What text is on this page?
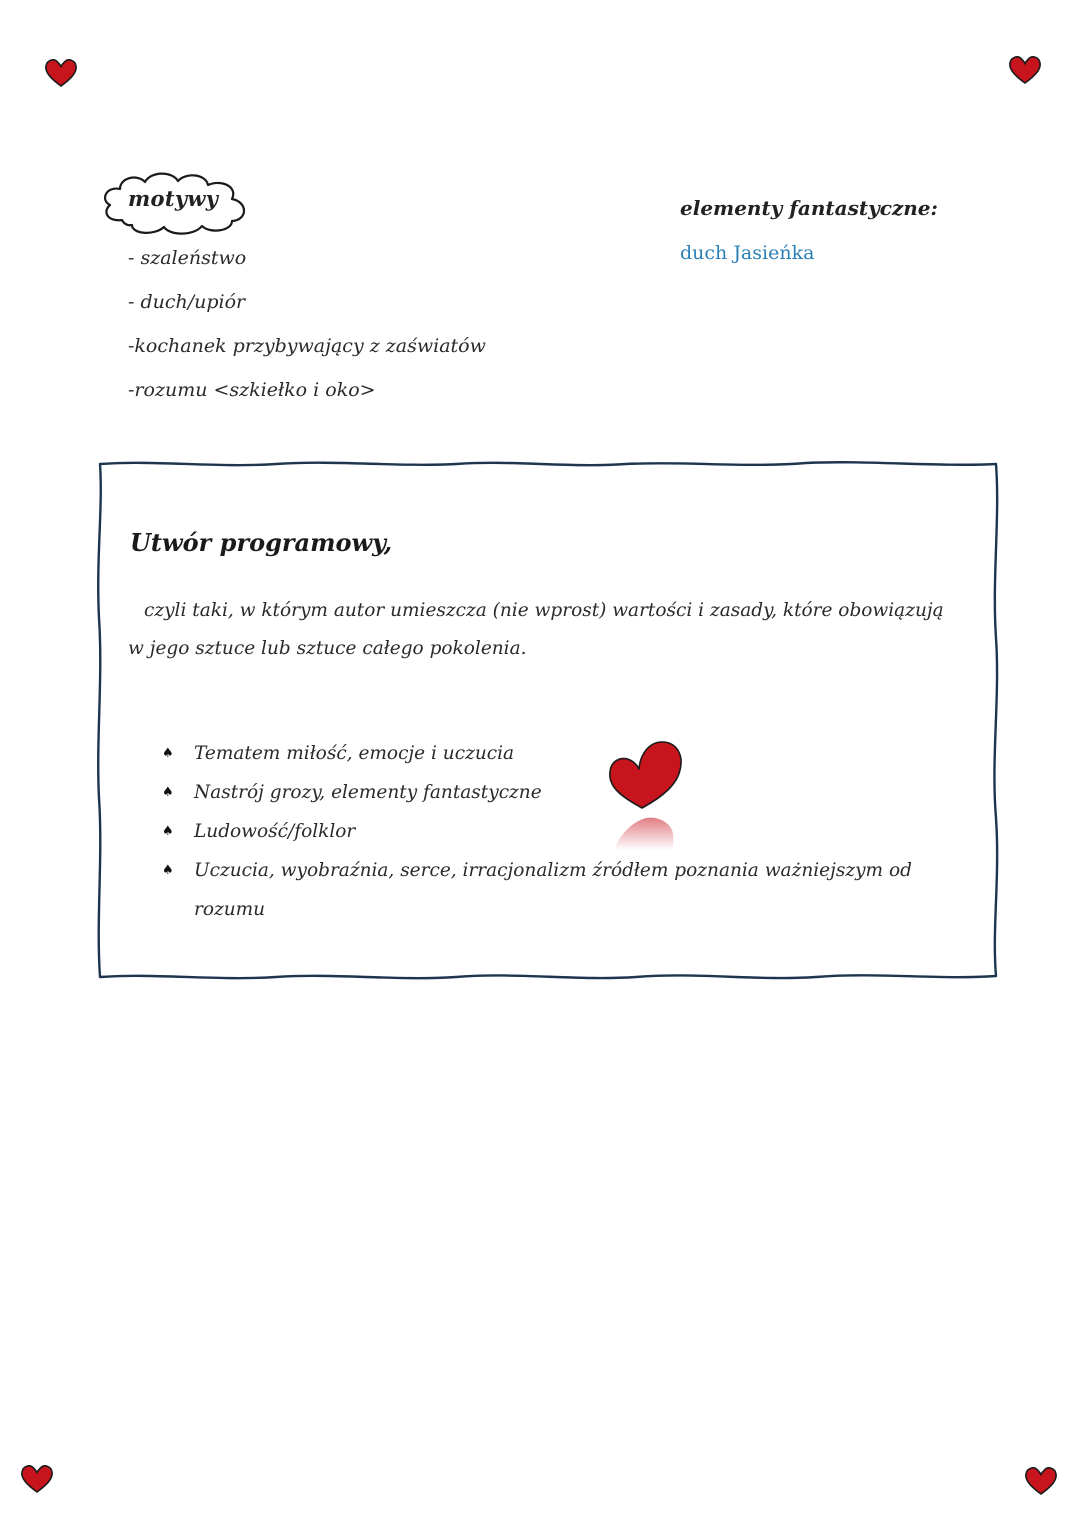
motywy
- szaleństwo
- duch/upiór
-kochanek przybywający z zaświatów
-rozumu <szkiełko i oko>
elementy fantastyczne:
duch Jasieńka
Utwór programowy,
czyli taki, w którym autor umieszcza (nie wprost) wartości i zasady, które obowiązują w jego sztuce lub sztuce całego pokolenia.
♠ Tematem miłość, emocje i uczucia
♠ Nastrój grozy, elementy fantastyczne
♠ Ludowość/folklor
♠ Uczucia, wyobraźnia, serce, irracjonalizm źródłem poznania ważniejszym od rozumu
